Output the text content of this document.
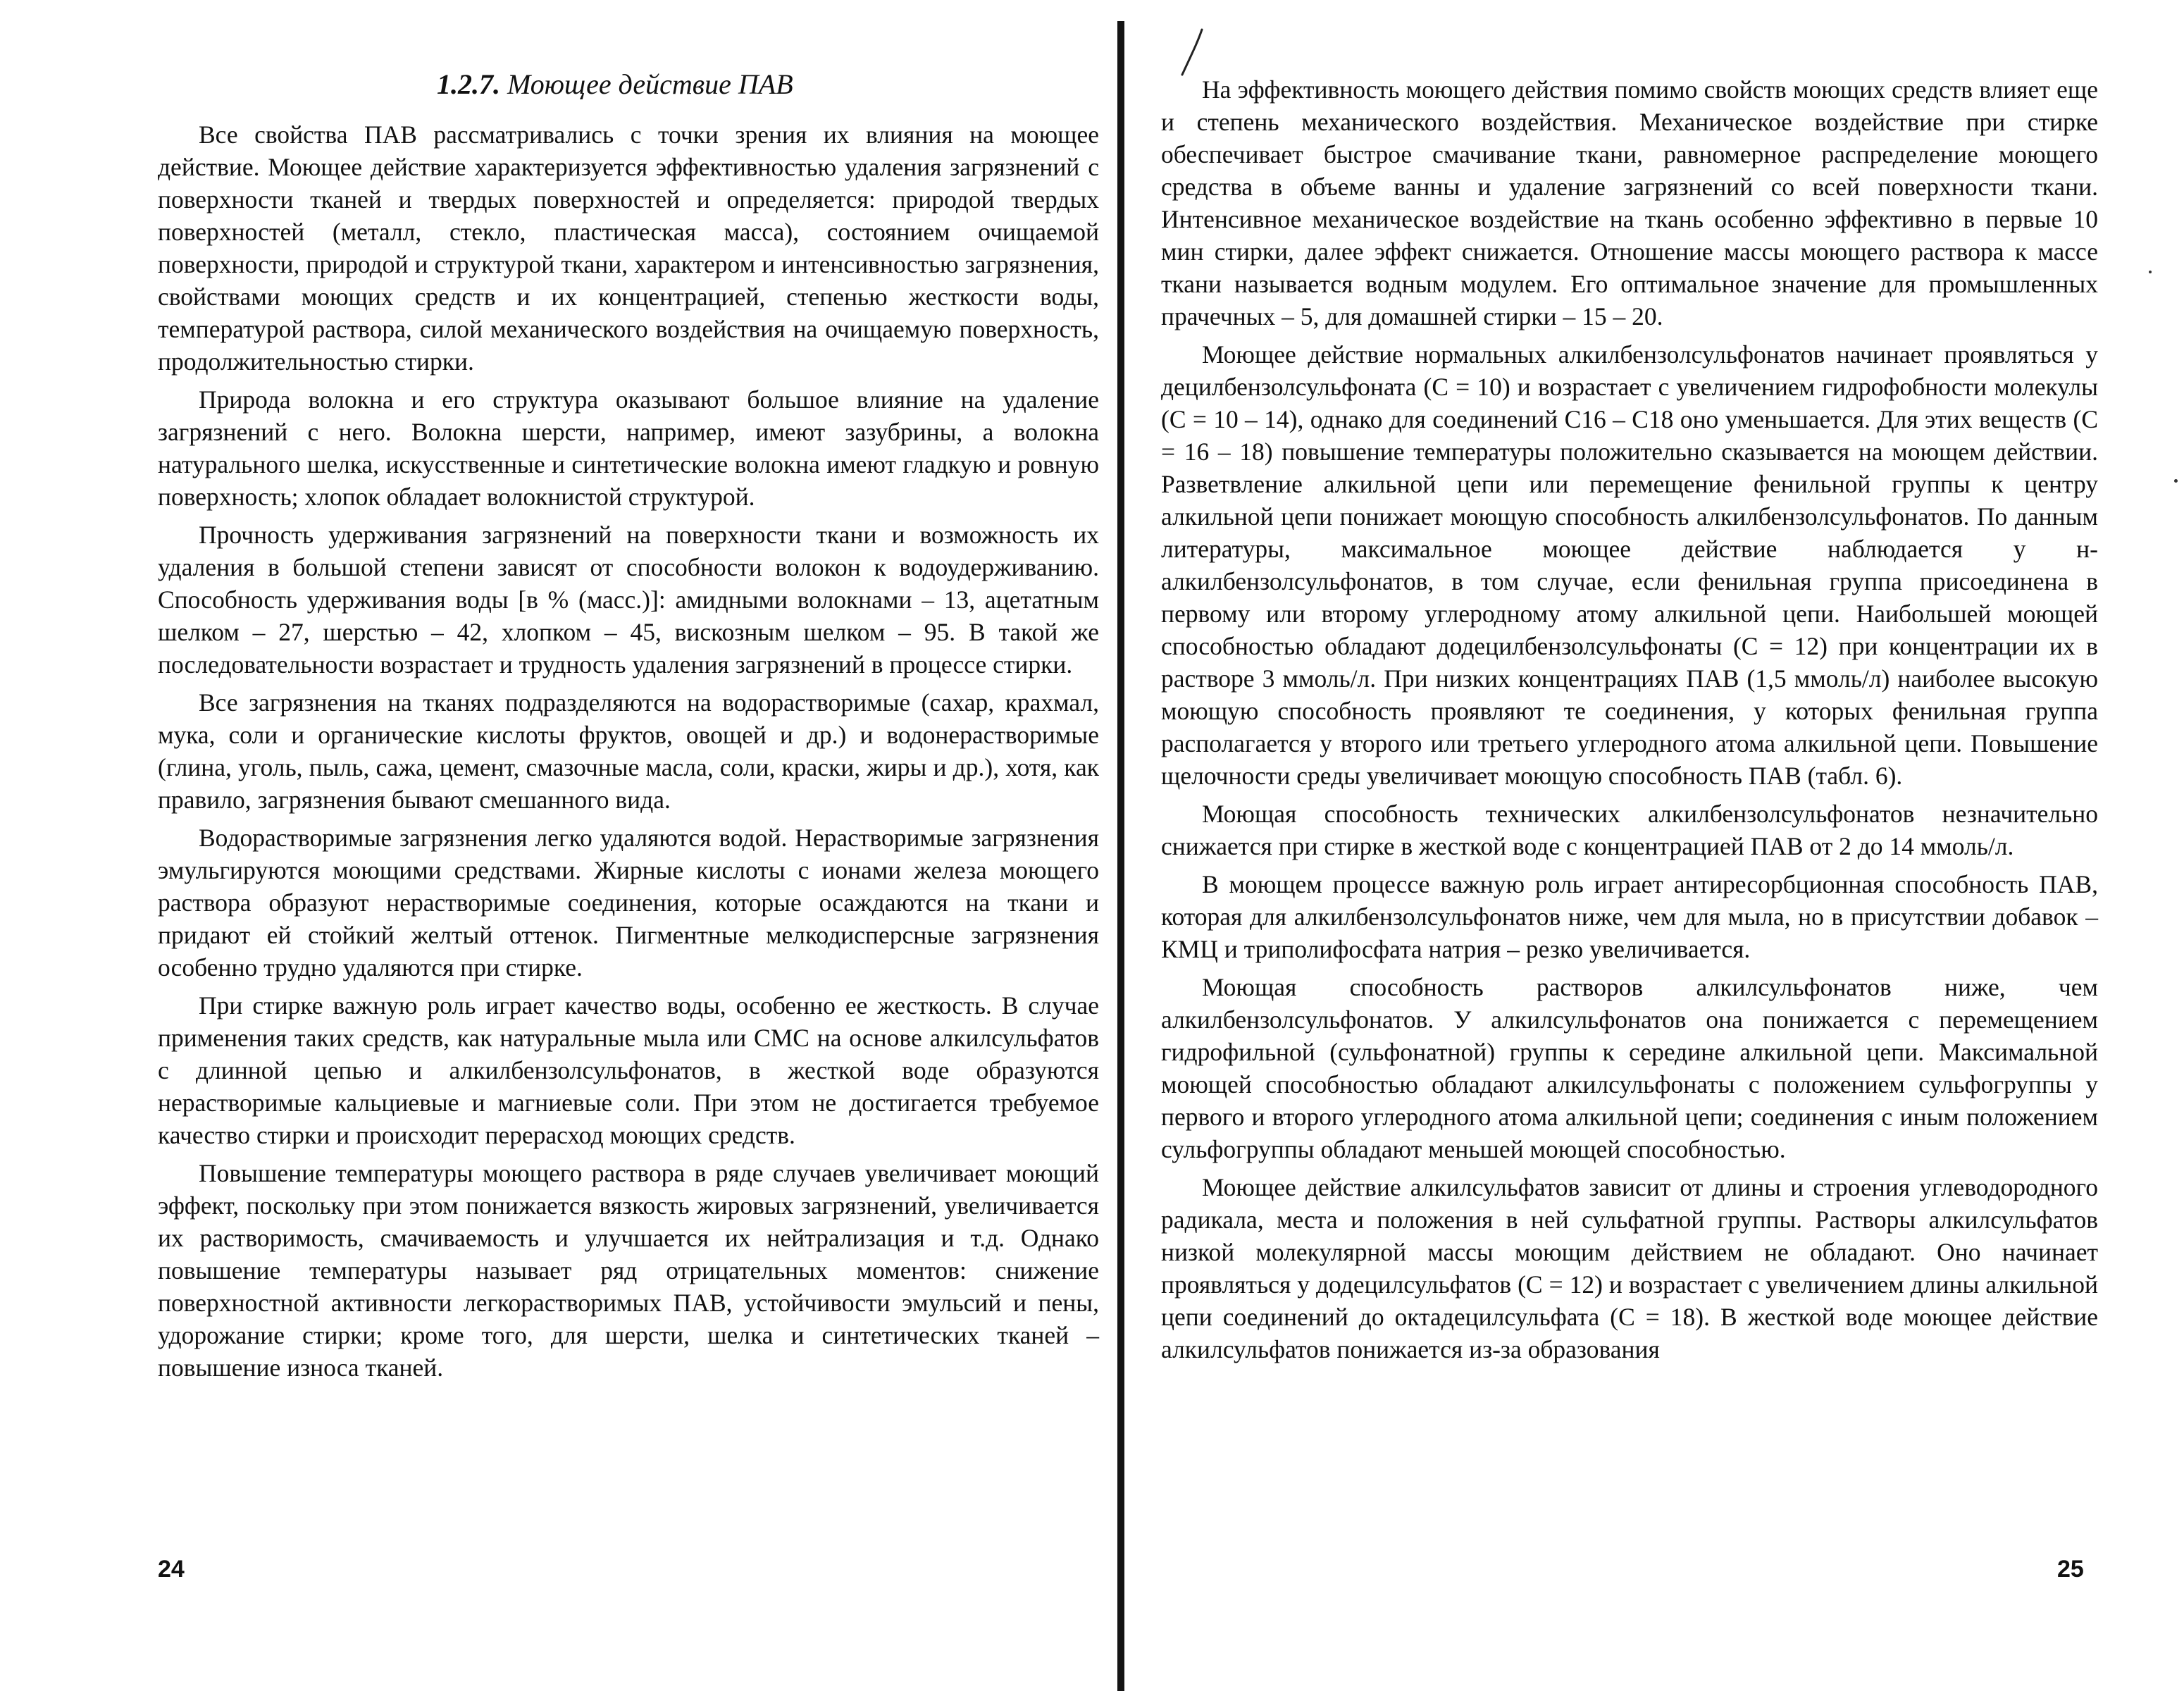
1.2.7. Моющее действие ПАВ

Все свойства ПАВ рассматривались с точки зрения их влияния на моющее действие. Моющее действие характеризуется эффективностью удаления загрязнений с поверхности тканей и твердых поверхностей и определяется: природой твердых поверхностей (металл, стекло, пластическая масса), состоянием очищаемой поверхности, природой и структурой ткани, характером и интенсивностью загрязнения, свойствами моющих средств и их концентрацией, степенью жесткости воды, температурой раствора, силой механического воздействия на очищаемую поверхность, продолжительностью стирки.

Природа волокна и его структура оказывают большое влияние на удаление загрязнений с него. Волокна шерсти, например, имеют зазубрины, а волокна натурального шелка, искусственные и синтетические волокна имеют гладкую и ровную поверхность; хлопок обладает волокнистой структурой.

Прочность удерживания загрязнений на поверхности ткани и возможность их удаления в большой степени зависят от способности волокон к водоудерживанию. Способность удерживания воды [в % (масс.)]: амидными волокнами – 13, ацетатным шелком – 27, шерстью – 42, хлопком – 45, вискозным шелком – 95. В такой же последовательности возрастает и трудность удаления загрязнений в процессе стирки.

Все загрязнения на тканях подразделяются на водорастворимые (сахар, крахмал, мука, соли и органические кислоты фруктов, овощей и др.) и водонерастворимые (глина, уголь, пыль, сажа, цемент, смазочные масла, соли, краски, жиры и др.), хотя, как правило, загрязнения бывают смешанного вида.

Водорастворимые загрязнения легко удаляются водой. Нерастворимые загрязнения эмульгируются моющими средствами. Жирные кислоты с ионами железа моющего раствора образуют нерастворимые соединения, которые осаждаются на ткани и придают ей стойкий желтый оттенок. Пигментные мелкодисперсные загрязнения особенно трудно удаляются при стирке.

При стирке важную роль играет качество воды, особенно ее жесткость. В случае применения таких средств, как натуральные мыла или СМС на основе алкилсульфатов с длинной цепью и алкилбензолсульфонатов, в жесткой воде образуются нерастворимые кальциевые и магниевые соли. При этом не достигается требуемое качество стирки и происходит перерасход моющих средств.

Повышение температуры моющего раствора в ряде случаев увеличивает моющий эффект, поскольку при этом понижается вязкость жировых загрязнений, увеличивается их растворимость, смачиваемость и улучшается их нейтрализация и т.д. Однако повышение температуры называет ряд отрицательных моментов: снижение поверхностной активности легкорастворимых ПАВ, устойчивости эмульсий и пены, удорожание стирки; кроме того, для шерсти, шелка и синтетических тканей – повышение износа тканей.

24

На эффективность моющего действия помимо свойств моющих средств влияет еще и степень механического воздействия. Механическое воздействие при стирке обеспечивает быстрое смачивание ткани, равномерное распределение моющего средства в объеме ванны и удаление загрязнений со всей поверхности ткани. Интенсивное механическое воздействие на ткань особенно эффективно в первые 10 мин стирки, далее эффект снижается. Отношение массы моющего раствора к массе ткани называется водным модулем. Его оптимальное значение для промышленных прачечных – 5, для домашней стирки – 15 – 20.

Моющее действие нормальных алкилбензолсульфонатов начинает проявляться у децилбензолсульфоната (С = 10) и возрастает с увеличением гидрофобности молекулы (С = 10 – 14), однако для соединений С16 – С18 оно уменьшается. Для этих веществ (С = 16 – 18) повышение температуры положительно сказывается на моющем действии. Разветвление алкильной цепи или перемещение фенильной группы к центру алкильной цепи понижает моющую способность алкилбензолсульфонатов. По данным литературы, максимальное моющее действие наблюдается у н-алкилбензолсульфонатов, в том случае, если фенильная группа присоединена в первому или второму углеродному атому алкильной цепи. Наибольшей моющей способностью обладают додецилбензолсульфонаты (С = 12) при концентрации их в растворе 3 ммоль/л. При низких концентрациях ПАВ (1,5 ммоль/л) наиболее высокую моющую способность проявляют те соединения, у которых фенильная группа располагается у второго или третьего углеродного атома алкильной цепи. Повышение щелочности среды увеличивает моющую способность ПАВ (табл. 6).

Моющая способность технических алкилбензолсульфонатов незначительно снижается при стирке в жесткой воде с концентрацией ПАВ от 2 до 14 ммоль/л.

В моющем процессе важную роль играет антиресорбционная способность ПАВ, которая для алкилбензолсульфонатов ниже, чем для мыла, но в присутствии добавок – КМЦ и триполифосфата натрия – резко увеличивается.

Моющая способность растворов алкилсульфонатов ниже, чем алкилбензолсульфонатов. У алкилсульфонатов она понижается с перемещением гидрофильной (сульфонатной) группы к середине алкильной цепи. Максимальной моющей способностью обладают алкилсульфонаты с положением сульфогруппы у первого и второго углеродного атома алкильной цепи; соединения с иным положением сульфогруппы обладают меньшей моющей способностью.

Моющее действие алкилсульфатов зависит от длины и строения углеводородного радикала, места и положения в ней сульфатной группы. Растворы алкилсульфатов низкой молекулярной массы моющим действием не обладают. Оно начинает проявляться у додецилсульфатов (С = 12) и возрастает с увеличением длины алкильной цепи соединений до октадецилсульфата (С = 18). В жесткой воде моющее действие алкилсульфатов понижается из-за образования

25
